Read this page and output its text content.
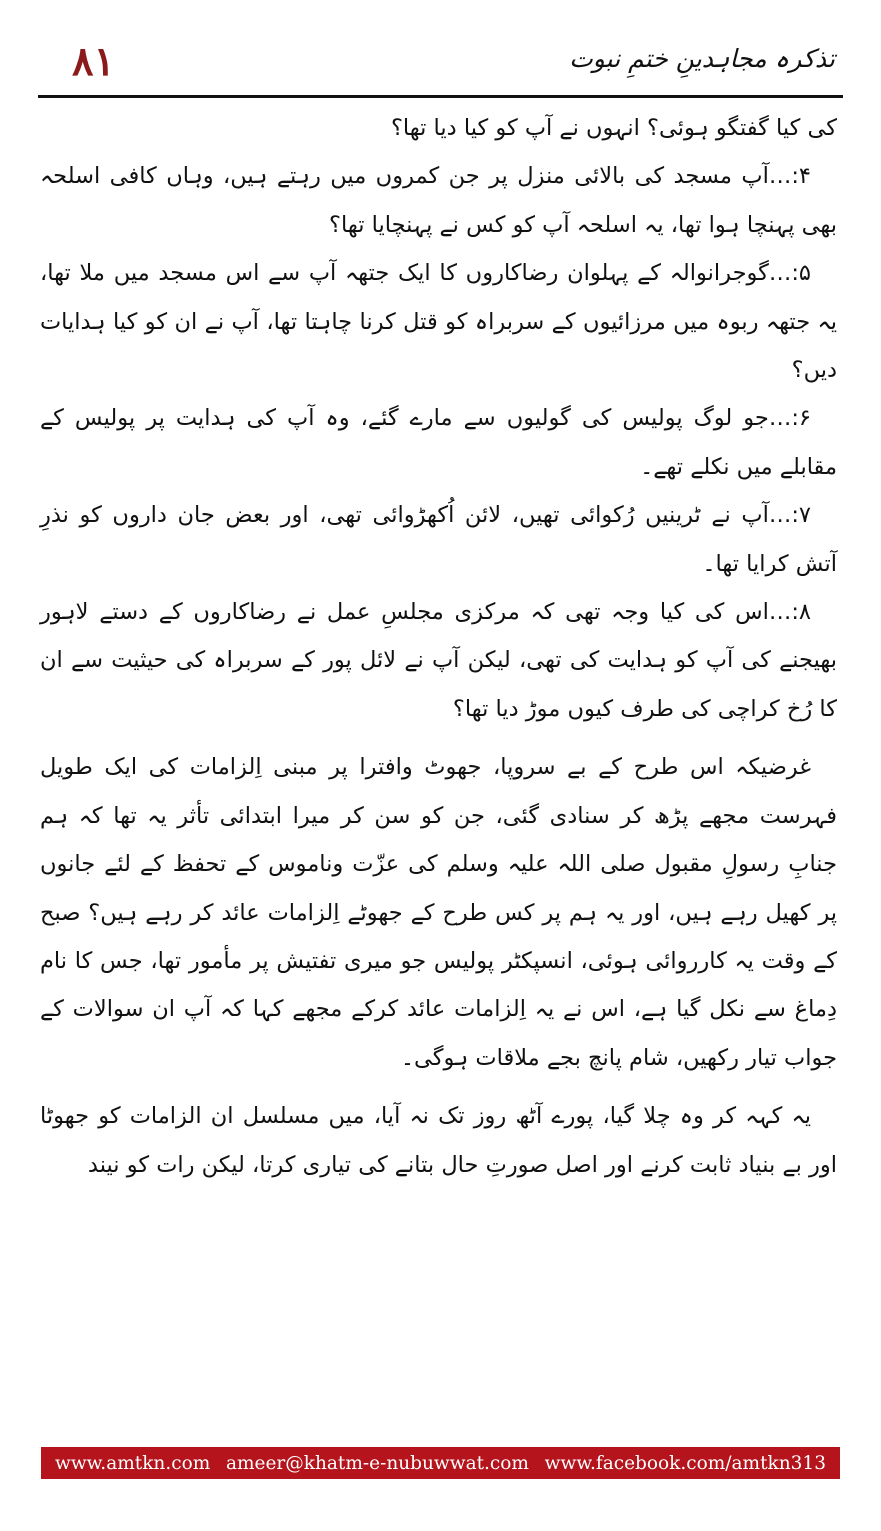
۸۱	تذکرہ مجاہدینِ ختمِ نبوت

کی کیا گفتگو ہوئی؟ انہوں نے آپ کو کیا دیا تھا؟

۴:…آپ مسجد کی بالائی منزل پر جن کمروں میں رہتے ہیں، وہاں کافی اسلحہ بھی پہنچا ہوا تھا، یہ اسلحہ آپ کو کس نے پہنچایا تھا؟

۵:…گوجرانوالہ کے پہلوان رضاکاروں کا ایک جتھہ آپ سے اس مسجد میں ملا تھا، یہ جتھہ ربوہ میں مرزائیوں کے سربراہ کو قتل کرنا چاہتا تھا، آپ نے ان کو کیا ہدایات دیں؟

۶:…جو لوگ پولیس کی گولیوں سے مارے گئے، وہ آپ کی ہدایت پر پولیس کے مقابلے میں نکلے تھے۔

۷:…آپ نے ٹرینیں رُکوائی تھیں، لائن اُکھڑوائی تھی، اور بعض جان داروں کو نذرِ آتش کرایا تھا۔

۸:…اس کی کیا وجہ تھی کہ مرکزی مجلسِ عمل نے رضاکاروں کے دستے لاہور بھیجنے کی آپ کو ہدایت کی تھی، لیکن آپ نے لائل پور کے سربراہ کی حیثیت سے ان کا رُخ کراچی کی طرف کیوں موڑ دیا تھا؟

غرضیکہ اس طرح کے بے سروپا، جھوٹ وافترا پر مبنی اِلزامات کی ایک طویل فہرست مجھے پڑھ کر سنادی گئی، جن کو سن کر میرا ابتدائی تأثر یہ تھا کہ ہم جنابِ رسولِ مقبول صلی اللہ علیہ وسلم کی عزّت وناموس کے تحفظ کے لئے جانوں پر کھیل رہے ہیں، اور یہ ہم پر کس طرح کے جھوٹے اِلزامات عائد کر رہے ہیں؟ صبح کے وقت یہ کارروائی ہوئی، انسپکٹر پولیس جو میری تفتیش پر مأمور تھا، جس کا نام دِماغ سے نکل گیا ہے، اس نے یہ اِلزامات عائد کرکے مجھے کہا کہ آپ ان سوالات کے جواب تیار رکھیں، شام پانچ بجے ملاقات ہوگی۔

یہ کہہ کر وہ چلا گیا، پورے آٹھ روز تک نہ آیا، میں مسلسل ان الزامات کو جھوٹا اور بے بنیاد ثابت کرنے اور اصل صورتِ حال بتانے کی تیاری کرتا، لیکن رات کو نیند

www.amtkn.com ameer@khatm-e-nubuwwat.com www.facebook.com/amtkn313
